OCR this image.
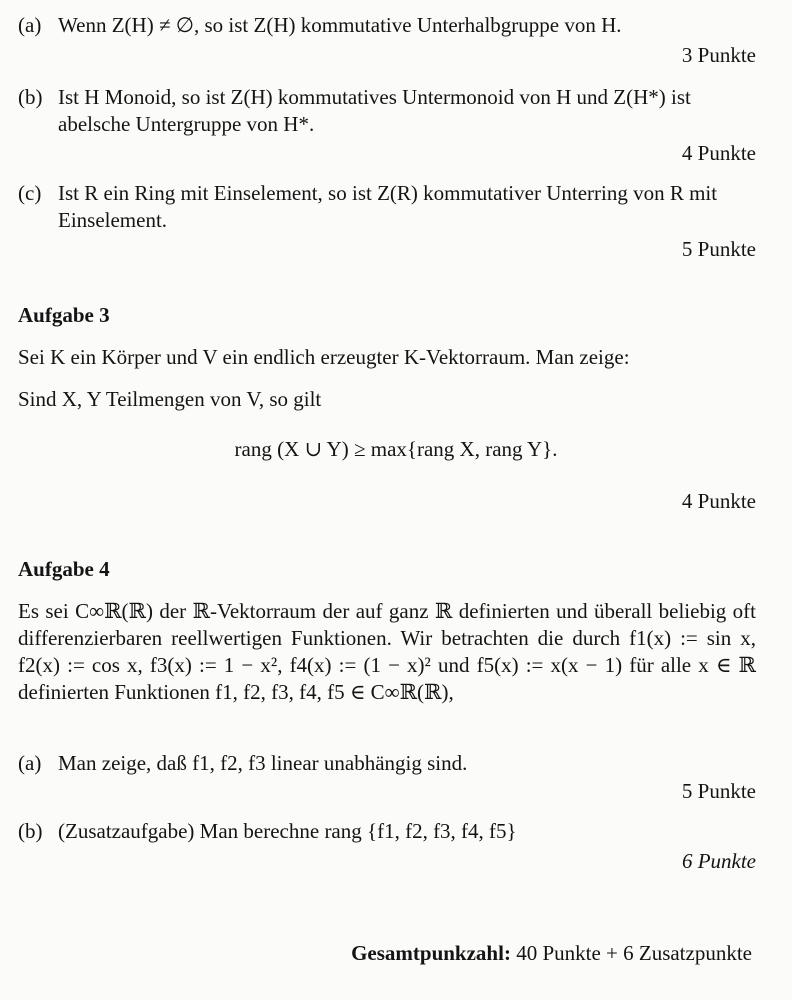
(a) Wenn Z(H) ≠ ∅, so ist Z(H) kommutative Unterhalbgruppe von H.
3 Punkte
(b) Ist H Monoid, so ist Z(H) kommutatives Untermonoid von H und Z(H*) ist abelsche Untergruppe von H*.
4 Punkte
(c) Ist R ein Ring mit Einselement, so ist Z(R) kommutativer Unterring von R mit Einselement.
5 Punkte
Aufgabe 3
Sei K ein Körper und V ein endlich erzeugter K-Vektorraum. Man zeige:
Sind X, Y Teilmengen von V, so gilt
rang (X ∪ Y) ≥ max{rang X, rang Y}.
4 Punkte
Aufgabe 4
Es sei C∞ℝ(ℝ) der ℝ-Vektorraum der auf ganz ℝ definierten und überall beliebig oft differenzierbaren reellwertigen Funktionen. Wir betrachten die durch f1(x) := sin x, f2(x) := cos x, f3(x) := 1 − x², f4(x) := (1 − x)² und f5(x) := x(x − 1) für alle x ∈ ℝ definierten Funktionen f1, f2, f3, f4, f5 ∈ C∞ℝ(ℝ),
(a) Man zeige, daß f1, f2, f3 linear unabhängig sind.
5 Punkte
(b) (Zusatzaufgabe) Man berechne rang {f1, f2, f3, f4, f5}
6 Punkte
Gesamtpunkzahl: 40 Punkte + 6 Zusatzpunkte
